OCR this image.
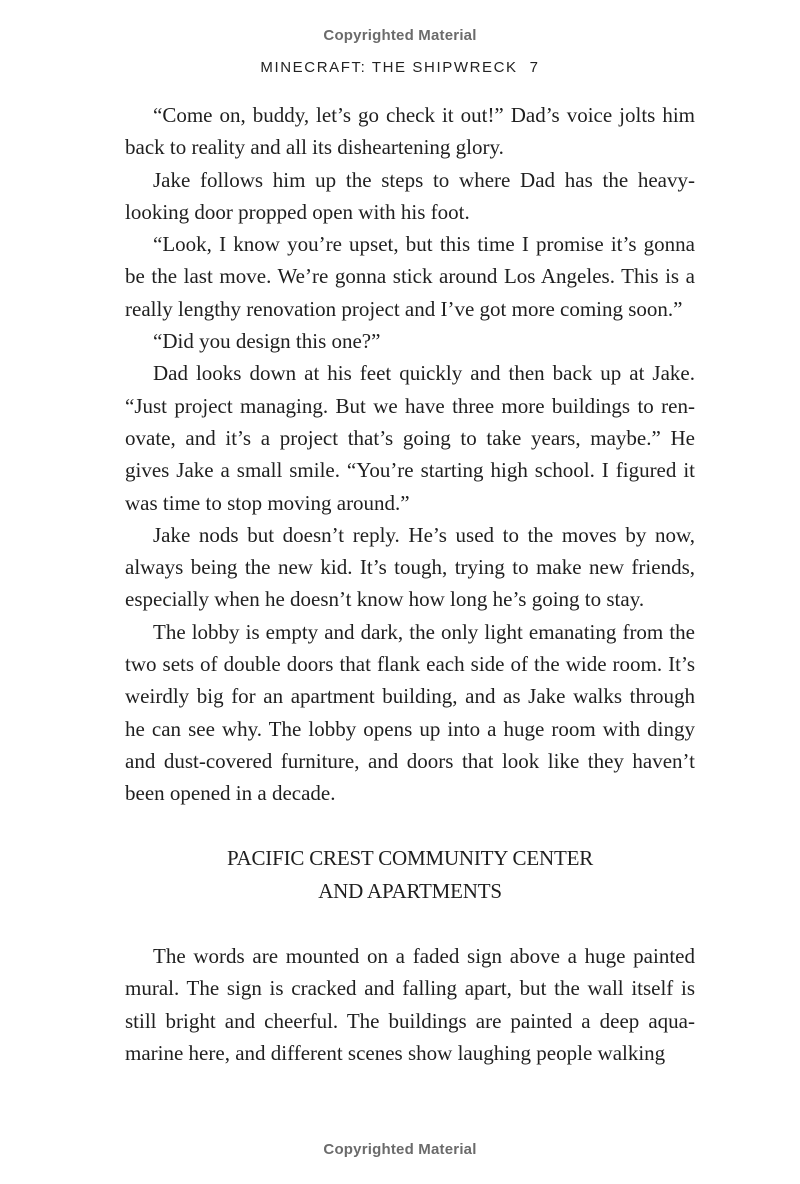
Copyrighted Material
MINECRAFT: THE SHIPWRECK 7

“Come on, buddy, let’s go check it out!” Dad’s voice jolts him back to reality and all its disheartening glory.

Jake follows him up the steps to where Dad has the heavy-looking door propped open with his foot.

“Look, I know you’re upset, but this time I promise it’s gonna be the last move. We’re gonna stick around Los Angeles. This is a really lengthy renovation project and I’ve got more coming soon.”

“Did you design this one?”

Dad looks down at his feet quickly and then back up at Jake. “Just project managing. But we have three more buildings to renovate, and it’s a project that’s going to take years, maybe.” He gives Jake a small smile. “You’re starting high school. I figured it was time to stop moving around.”

Jake nods but doesn’t reply. He’s used to the moves by now, always being the new kid. It’s tough, trying to make new friends, especially when he doesn’t know how long he’s going to stay.

The lobby is empty and dark, the only light emanating from the two sets of double doors that flank each side of the wide room. It’s weirdly big for an apartment building, and as Jake walks through he can see why. The lobby opens up into a huge room with dingy and dust-covered furniture, and doors that look like they haven’t been opened in a decade.

PACIFIC CREST COMMUNITY CENTER
AND APARTMENTS

The words are mounted on a faded sign above a huge painted mural. The sign is cracked and falling apart, but the wall itself is still bright and cheerful. The buildings are painted a deep aquamarine here, and different scenes show laughing people walking

Copyrighted Material
